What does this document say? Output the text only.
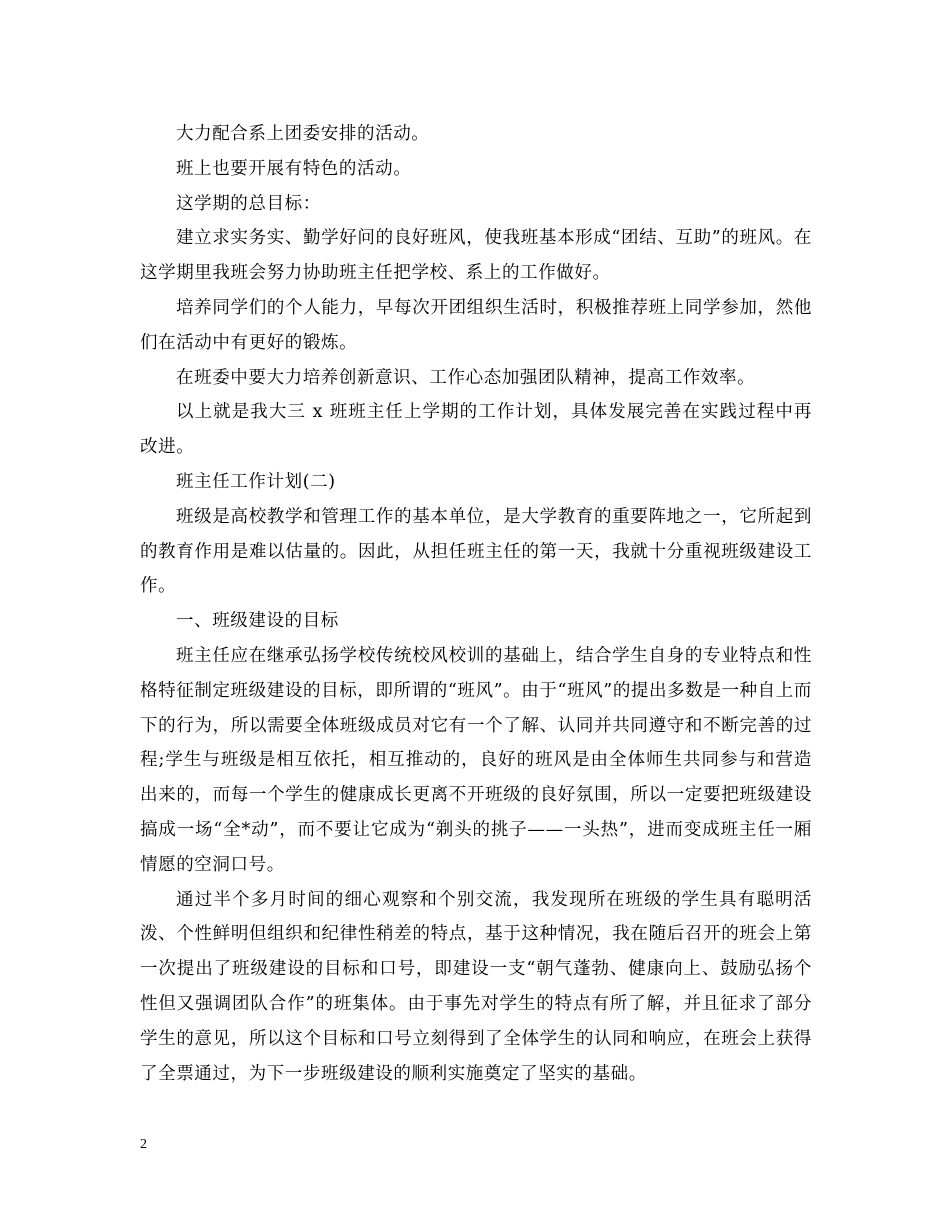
大力配合系上团委安排的活动。

班上也要开展有特色的活动。

这学期的总目标：

建立求实务实、勤学好问的良好班风，使我班基本形成“团结、互助”的班风。在这学期里我班会努力协助班主任把学校、系上的工作做好。

培养同学们的个人能力，早每次开团组织生活时，积极推荐班上同学参加，然他们在活动中有更好的锻炼。

在班委中要大力培养创新意识、工作心态加强团队精神，提高工作效率。

以上就是我大三 x 班班主任上学期的工作计划，具体发展完善在实践过程中再改进。

班主任工作计划(二)

班级是高校教学和管理工作的基本单位，是大学教育的重要阵地之一，它所起到的教育作用是难以估量的。因此，从担任班主任的第一天，我就十分重视班级建设工作。

一、班级建设的目标

班主任应在继承弘扬学校传统校风校训的基础上，结合学生自身的专业特点和性格特征制定班级建设的目标，即所谓的“班风”。由于“班风”的提出多数是一种自上而下的行为，所以需要全体班级成员对它有一个了解、认同并共同遵守和不断完善的过程;学生与班级是相互依托，相互推动的，良好的班风是由全体师生共同参与和营造出来的，而每一个学生的健康成长更离不开班级的良好氛围，所以一定要把班级建设搞成一场“全*动”，而不要让它成为“剃头的挑子——一头热”，进而变成班主任一厢情愿的空洞口号。

通过半个多月时间的细心观察和个别交流，我发现所在班级的学生具有聪明活泼、个性鲜明但组织和纪律性稍差的特点，基于这种情况，我在随后召开的班会上第一次提出了班级建设的目标和口号，即建设一支“朝气蓬勃、健康向上、鼓励弘扬个性但又强调团队合作”的班集体。由于事先对学生的特点有所了解，并且征求了部分学生的意见，所以这个目标和口号立刻得到了全体学生的认同和响应，在班会上获得了全票通过，为下一步班级建设的顺利实施奠定了坚实的基础。

2
